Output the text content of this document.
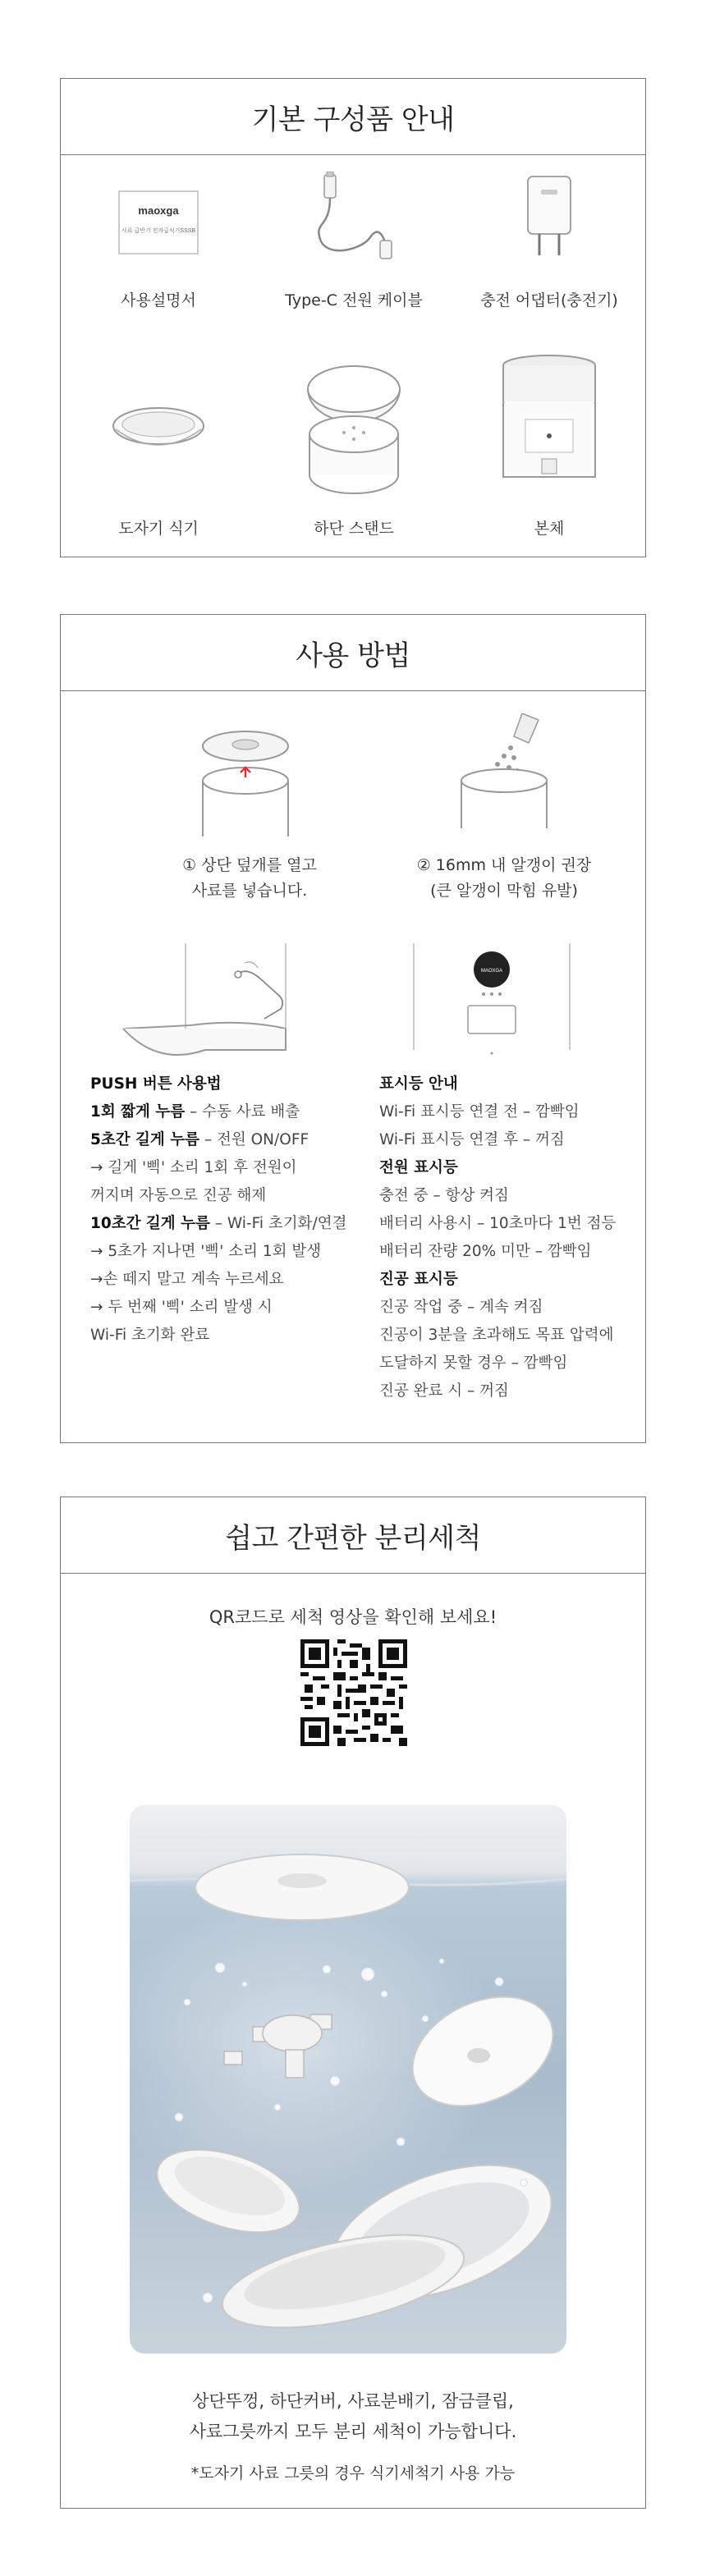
기본 구성품 안내
maoxga
사료 급반기 전자급식기SSSB
사용설명서	Type-C 전원 케이블	충전 어댑터(충전기)
도자기 식기	하단 스탠드	본체
사용 방법
① 상단 덮개를 열고
사료를 넣습니다.
② 16mm 내 알갱이 권장
(큰 알갱이 막힘 유발)
MAOXGA
PUSH 버튼 사용법
1회 짧게 누름 – 수동 사료 배출
5초간 길게 누름 – 전원 ON/OFF
→ 길게 '삑' 소리 1회 후 전원이
꺼지며 자동으로 진공 해제
10초간 길게 누름 – Wi-Fi 초기화/연결
→ 5초가 지나면 '삑' 소리 1회 발생
→손 떼지 말고 계속 누르세요
→ 두 번째 '삑' 소리 발생 시
Wi-Fi 초기화 완료
표시등 안내
Wi-Fi 표시등 연결 전 – 깜빡임
Wi-Fi 표시등 연결 후 – 꺼짐
전원 표시등
충전 중 – 항상 켜짐
배터리 사용시 – 10초마다 1번 점등
배터리 잔량 20% 미만 – 깜빡임
진공 표시등
진공 작업 중 – 계속 켜짐
진공이 3분을 초과해도 목표 압력에
도달하지 못할 경우 – 깜빡임
진공 완료 시 – 꺼짐
쉽고 간편한 분리세척
QR코드로 세척 영상을 확인해 보세요!
상단뚜껑, 하단커버, 사료분배기, 잠금클립,
사료그릇까지 모두 분리 세척이 가능합니다.
*도자기 사료 그릇의 경우 식기세척기 사용 가능
